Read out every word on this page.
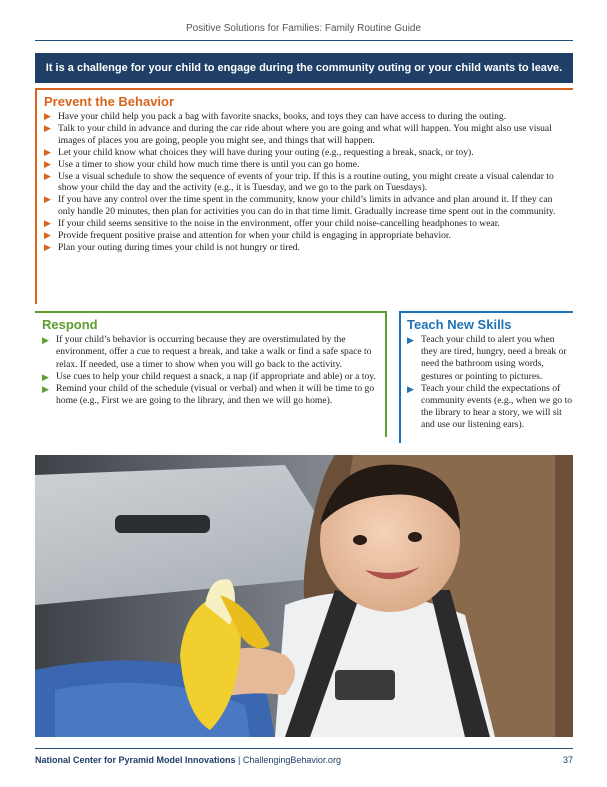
Positive Solutions for Families: Family Routine Guide
It is a challenge for your child to engage during the community outing or your child wants to leave.
Prevent the Behavior
▶ Have your child help you pack a bag with favorite snacks, books, and toys they can have access to during the outing.
▶ Talk to your child in advance and during the car ride about where you are going and what will happen. You might also use visual images of places you are going, people you might see, and things that will happen.
▶ Let your child know what choices they will have during your outing (e.g., requesting a break, snack, or toy).
▶ Use a timer to show your child how much time there is until you can go home.
▶ Use a visual schedule to show the sequence of events of your trip. If this is a routine outing, you might create a visual calendar to show your child the day and the activity (e.g., it is Tuesday, and we go to the park on Tuesdays).
▶ If you have any control over the time spent in the community, know your child’s limits in advance and plan around it. If they can only handle 20 minutes, then plan for activities you can do in that time limit. Gradually increase time spent out in the community.
▶ If your child seems sensitive to the noise in the environment, offer your child noise-cancelling headphones to wear.
▶ Provide frequent positive praise and attention for when your child is engaging in appropriate behavior.
▶ Plan your outing during times your child is not hungry or tired.
Respond
▶ If your child’s behavior is occurring because they are overstimulated by the environment, offer a cue to request a break, and take a walk or find a safe space to relax. If needed, use a timer to show when you will go back to the activity.
▶ Use cues to help your child request a snack, a nap (if appropriate and able) or a toy.
▶ Remind your child of the schedule (visual or verbal) and when it will be time to go home (e.g., First we are going to the library, and then we will go home).
Teach New Skills
▶ Teach your child to alert you when they are tired, hungry, need a break or need the bathroom using words, gestures or pointing to pictures.
▶ Teach your child the expectations of community events (e.g., when we go to the library to hear a story, we will sit and use our listening ears).
National Center for Pyramid Model Innovations | ChallengingBehavior.org	37
